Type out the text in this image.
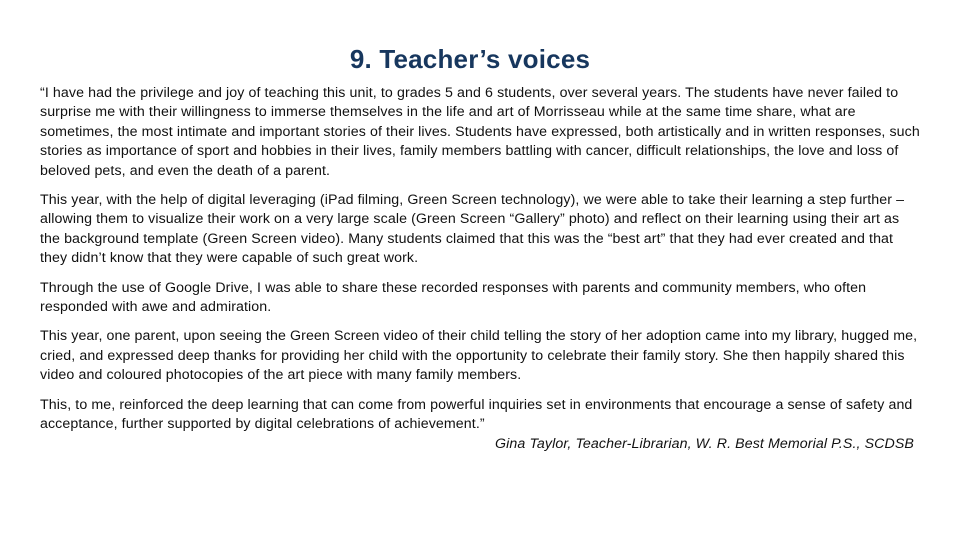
9. Teacher’s voices

“I have had the privilege and joy of teaching this unit, to grades 5 and 6 students, over several years. The students have never failed to surprise me with their willingness to immerse themselves in the life and art of Morrisseau while at the same time share, what are sometimes, the most intimate and important stories of their lives. Students have expressed, both artistically and in written responses, such stories as importance of sport and hobbies in their lives, family members battling with cancer, difficult relationships, the love and loss of beloved pets, and even the death of a parent.

This year, with the help of digital leveraging (iPad filming, Green Screen technology), we were able to take their learning a step further – allowing them to visualize their work on a very large scale (Green Screen “Gallery” photo) and reflect on their learning using their art as the background template (Green Screen video). Many students claimed that this was the “best art” that they had ever created and that they didn’t know that they were capable of such great work.

Through the use of Google Drive, I was able to share these recorded responses with parents and community members, who often responded with awe and admiration.

This year, one parent, upon seeing the Green Screen video of their child telling the story of her adoption came into my library, hugged me, cried, and expressed deep thanks for providing her child with the opportunity to celebrate their family story. She then happily shared this video and coloured photocopies of the art piece with many family members.

This, to me, reinforced the deep learning that can come from powerful inquiries set in environments that encourage a sense of safety and acceptance, further supported by digital celebrations of achievement.”

Gina Taylor, Teacher-Librarian, W. R. Best Memorial P.S., SCDSB
